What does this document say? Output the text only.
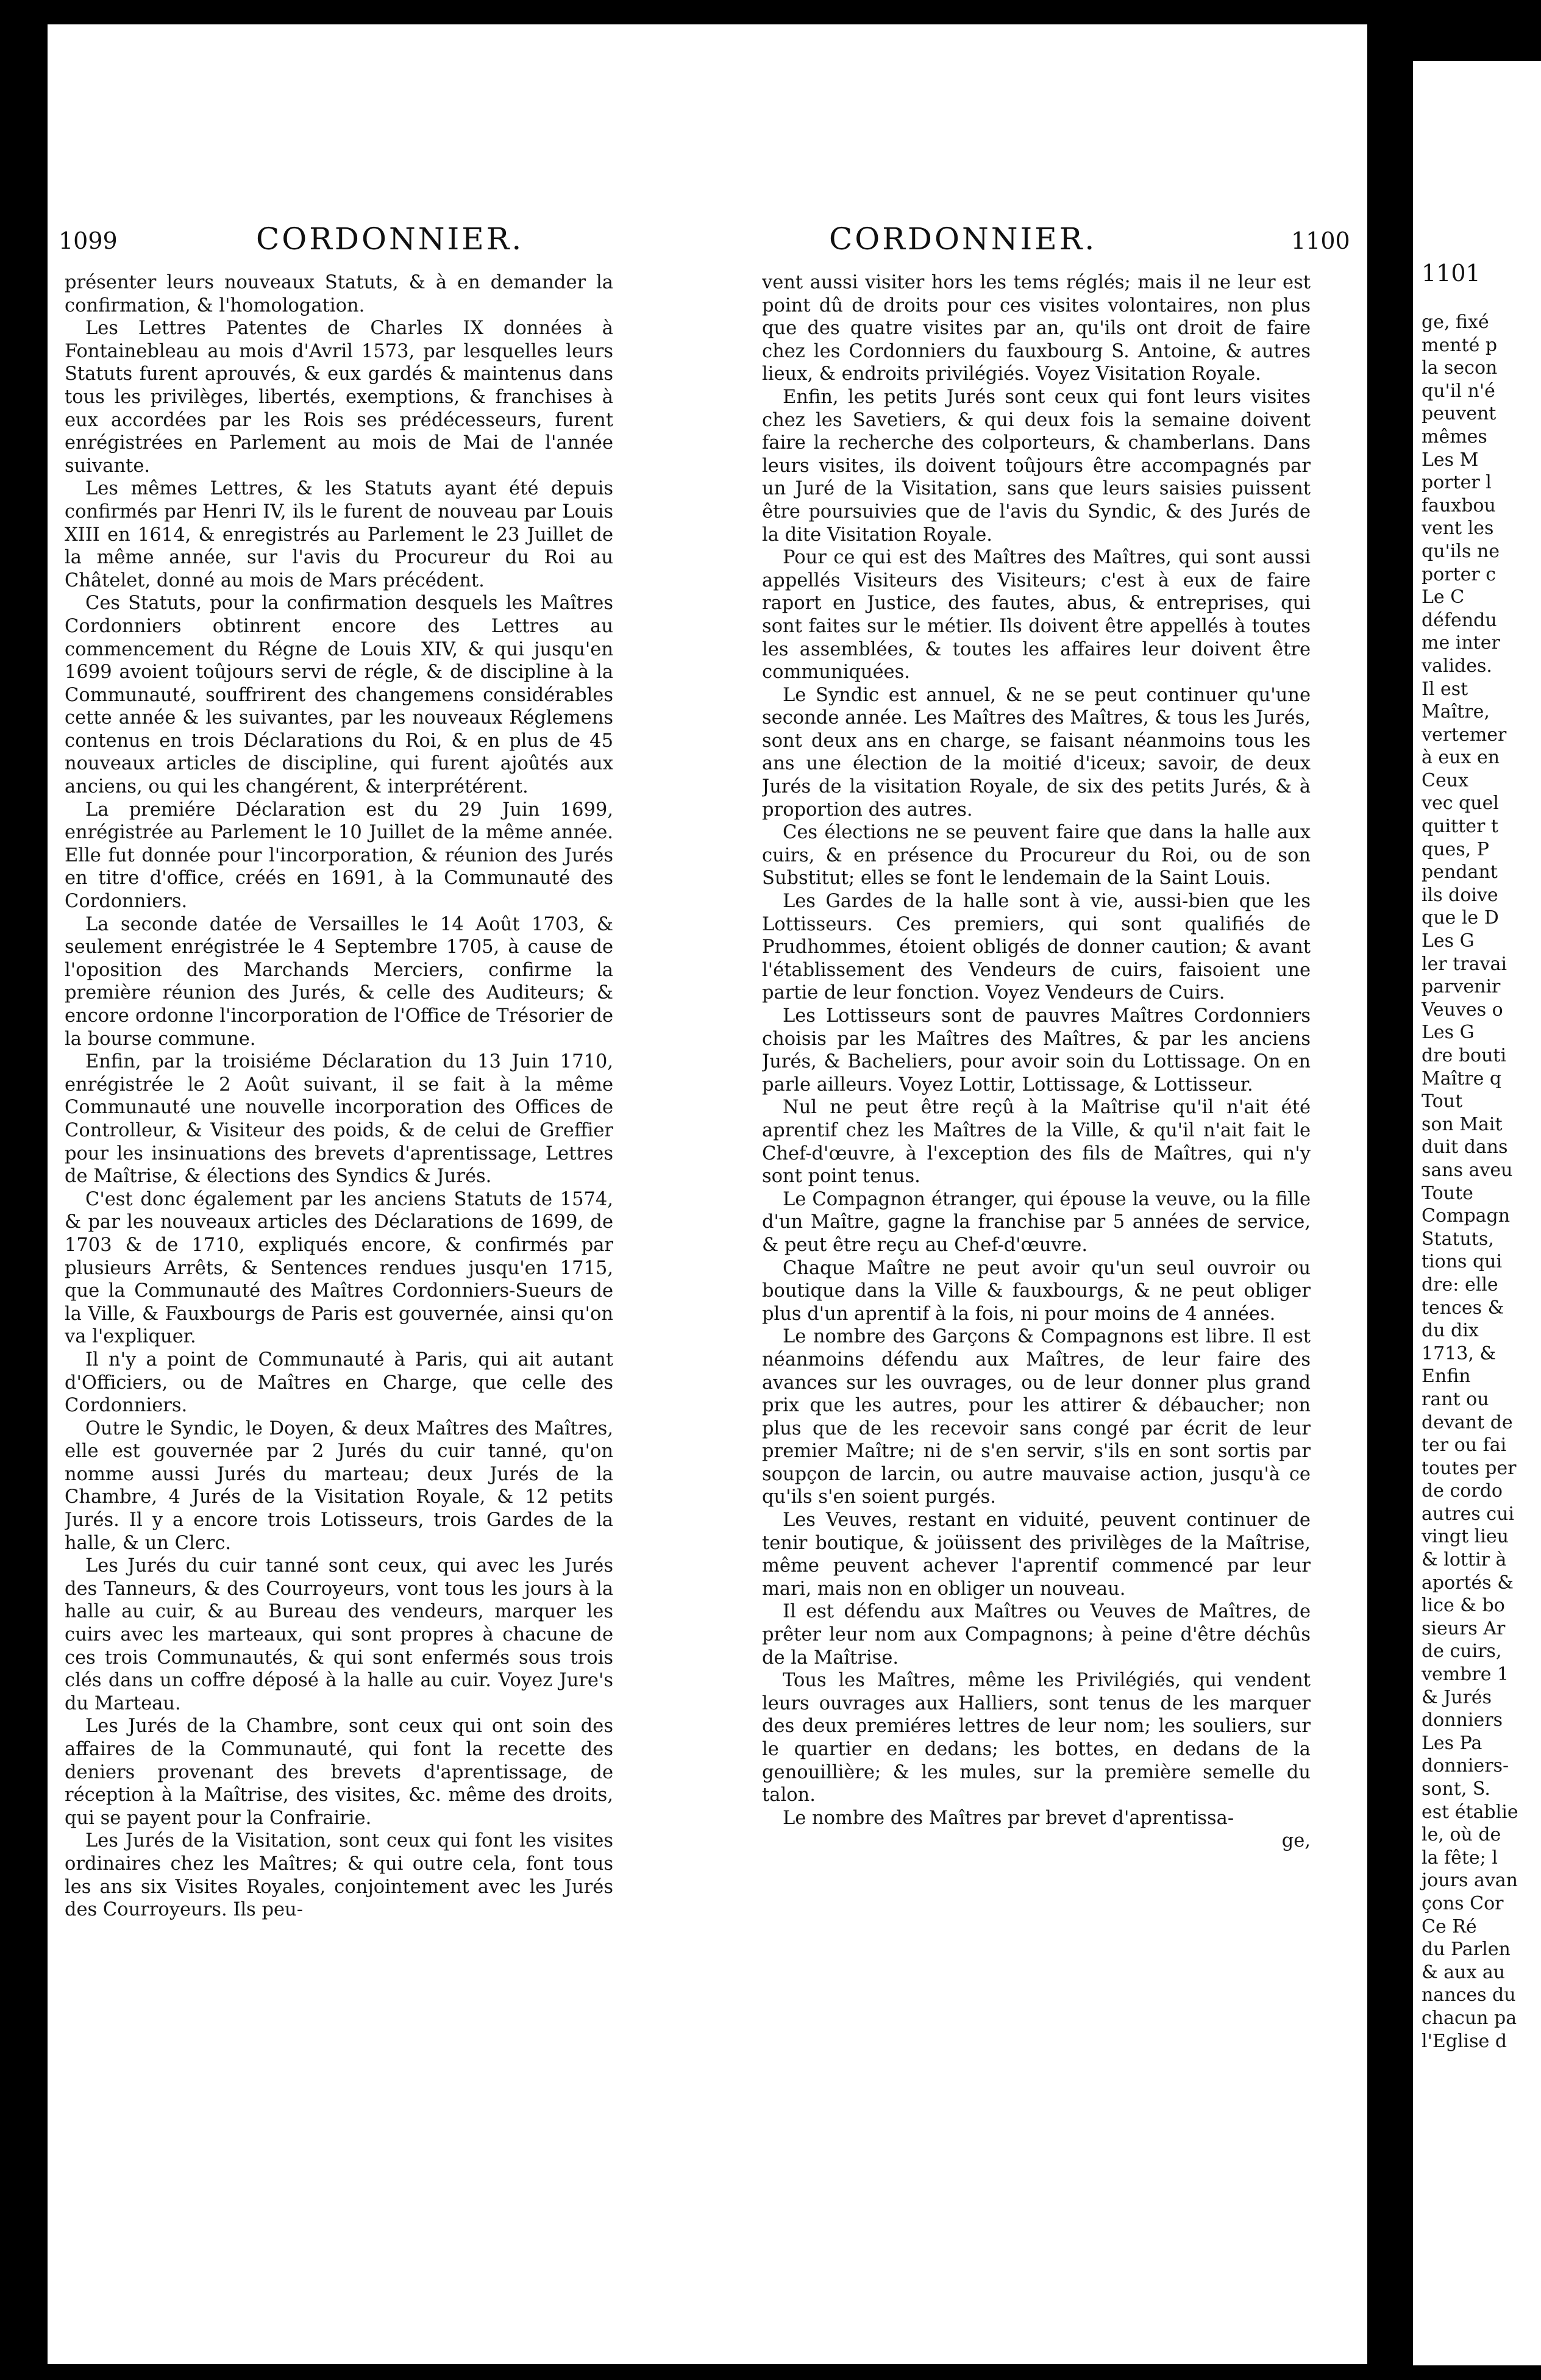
1099	CORDONNIER.	CORDONNIER.	1100

présenter leurs nouveaux Statuts, & à en demander la confirmation, & l'homologation.

Les Lettres Patentes de Charles IX données à Fontainebleau au mois d'Avril 1573, par lesquelles leurs Statuts furent aprouvés, & eux gardés & maintenus dans tous les privilèges, libertés, exemptions, & franchises à eux accordées par les Rois ses prédécesseurs, furent enrégistrées en Parlement au mois de Mai de l'année suivante.

Les mêmes Lettres, & les Statuts ayant été depuis confirmés par Henri IV, ils le furent de nouveau par Louis XIII en 1614, & enregistrés au Parlement le 23 Juillet de la même année, sur l'avis du Procureur du Roi au Châtelet, donné au mois de Mars précédent.

Ces Statuts, pour la confirmation desquels les Maîtres Cordonniers obtinrent encore des Lettres au commencement du Régne de Louis XIV, & qui jusqu'en 1699 avoient toûjours servi de régle, & de discipline à la Communauté, souffrirent des changemens considérables cette année & les suivantes, par les nouveaux Réglemens contenus en trois Déclarations du Roi, & en plus de 45 nouveaux articles de discipline, qui furent ajoûtés aux anciens, ou qui les changérent, & interprétérent.

La premiére Déclaration est du 29 Juin 1699, enrégistrée au Parlement le 10 Juillet de la même année. Elle fut donnée pour l'incorporation, & réunion des Jurés en titre d'office, créés en 1691, à la Communauté des Cordonniers.

La seconde datée de Versailles le 14 Août 1703, & seulement enrégistrée le 4 Septembre 1705, à cause de l'oposition des Marchands Merciers, confirme la première réunion des Jurés, & celle des Auditeurs; & encore ordonne l'incorporation de l'Office de Trésorier de la bourse commune.

Enfin, par la troisiéme Déclaration du 13 Juin 1710, enrégistrée le 2 Août suivant, il se fait à la même Communauté une nouvelle incorporation des Offices de Controlleur, & Visiteur des poids, & de celui de Greffier pour les insinuations des brevets d'aprentissage, Lettres de Maîtrise, & élections des Syndics & Jurés.

C'est donc également par les anciens Statuts de 1574, & par les nouveaux articles des Déclarations de 1699, de 1703 & de 1710, expliqués encore, & confirmés par plusieurs Arrêts, & Sentences rendues jusqu'en 1715, que la Communauté des Maîtres Cordonniers-Sueurs de la Ville, & Fauxbourgs de Paris est gouvernée, ainsi qu'on va l'expliquer.

Il n'y a point de Communauté à Paris, qui ait autant d'Officiers, ou de Maîtres en Charge, que celle des Cordonniers.

Outre le Syndic, le Doyen, & deux Maîtres des Maîtres, elle est gouvernée par 2 Jurés du cuir tanné, qu'on nomme aussi Jurés du marteau; deux Jurés de la Chambre, 4 Jurés de la Visitation Royale, & 12 petits Jurés. Il y a encore trois Lotisseurs, trois Gardes de la halle, & un Clerc.

Les Jurés du cuir tanné sont ceux, qui avec les Jurés des Tanneurs, & des Courroyeurs, vont tous les jours à la halle au cuir, & au Bureau des vendeurs, marquer les cuirs avec les marteaux, qui sont propres à chacune de ces trois Communautés, & qui sont enfermés sous trois clés dans un coffre déposé à la halle au cuir. Voyez Jure's du Marteau.

Les Jurés de la Chambre, sont ceux qui ont soin des affaires de la Communauté, qui font la recette des deniers provenant des brevets d'aprentissage, de réception à la Maîtrise, des visites, &c. même des droits, qui se payent pour la Confrairie.

Les Jurés de la Visitation, sont ceux qui font les visites ordinaires chez les Maîtres; & qui outre cela, font tous les ans six Visites Royales, conjointement avec les Jurés des Courroyeurs. Ils peu-

vent aussi visiter hors les tems réglés; mais il ne leur est point dû de droits pour ces visites volontaires, non plus que des quatre visites par an, qu'ils ont droit de faire chez les Cordonniers du fauxbourg S. Antoine, & autres lieux, & endroits privilégiés. Voyez Visitation Royale.

Enfin, les petits Jurés sont ceux qui font leurs visites chez les Savetiers, & qui deux fois la semaine doivent faire la recherche des colporteurs, & chamberlans. Dans leurs visites, ils doivent toûjours être accompagnés par un Juré de la Visitation, sans que leurs saisies puissent être poursuivies que de l'avis du Syndic, & des Jurés de la dite Visitation Royale.

Pour ce qui est des Maîtres des Maîtres, qui sont aussi appellés Visiteurs des Visiteurs; c'est à eux de faire raport en Justice, des fautes, abus, & entreprises, qui sont faites sur le métier. Ils doivent être appellés à toutes les assemblées, & toutes les affaires leur doivent être communiquées.

Le Syndic est annuel, & ne se peut continuer qu'une seconde année. Les Maîtres des Maîtres, & tous les Jurés, sont deux ans en charge, se faisant néanmoins tous les ans une élection de la moitié d'iceux; savoir, de deux Jurés de la visitation Royale, de six des petits Jurés, & à proportion des autres.

Ces élections ne se peuvent faire que dans la halle aux cuirs, & en présence du Procureur du Roi, ou de son Substitut; elles se font le lendemain de la Saint Louis.

Les Gardes de la halle sont à vie, aussi-bien que les Lottisseurs. Ces premiers, qui sont qualifiés de Prudhommes, étoient obligés de donner caution; & avant l'établissement des Vendeurs de cuirs, faisoient une partie de leur fonction. Voyez Vendeurs de Cuirs.

Les Lottisseurs sont de pauvres Maîtres Cordonniers choisis par les Maîtres des Maîtres, & par les anciens Jurés, & Bacheliers, pour avoir soin du Lottissage. On en parle ailleurs. Voyez Lottir, Lottissage, & Lottisseur.

Nul ne peut être reçû à la Maîtrise qu'il n'ait été aprentif chez les Maîtres de la Ville, & qu'il n'ait fait le Chef-d'œuvre, à l'exception des fils de Maîtres, qui n'y sont point tenus.

Le Compagnon étranger, qui épouse la veuve, ou la fille d'un Maître, gagne la franchise par 5 années de service, & peut être reçu au Chef-d'œuvre.

Chaque Maître ne peut avoir qu'un seul ouvroir ou boutique dans la Ville & fauxbourgs, & ne peut obliger plus d'un aprentif à la fois, ni pour moins de 4 années.

Le nombre des Garçons & Compagnons est libre. Il est néanmoins défendu aux Maîtres, de leur faire des avances sur les ouvrages, ou de leur donner plus grand prix que les autres, pour les attirer & débaucher; non plus que de les recevoir sans congé par écrit de leur premier Maître; ni de s'en servir, s'ils en sont sortis par soupçon de larcin, ou autre mauvaise action, jusqu'à ce qu'ils s'en soient purgés.

Les Veuves, restant en viduité, peuvent continuer de tenir boutique, & joüissent des privilèges de la Maîtrise, même peuvent achever l'aprentif commencé par leur mari, mais non en obliger un nouveau.

Il est défendu aux Maîtres ou Veuves de Maîtres, de prêter leur nom aux Compagnons; à peine d'être déchûs de la Maîtrise.

Tous les Maîtres, même les Privilégiés, qui vendent leurs ouvrages aux Halliers, sont tenus de les marquer des deux premiéres lettres de leur nom; les souliers, sur le quartier en dedans; les bottes, en dedans de la genouillière; & les mules, sur la première semelle du talon.

Le nombre des Maîtres par brevet d'aprentissa-

ge,

1101
ge, fixé
menté p
la secon
qu'il n'é
peuvent
mêmes
Les M
porter l
fauxbou
vent les
qu'ils ne
porter c
Le C
défendu
me inter
valides.
Il est
Maître,
vertemer
à eux en
Ceux
vec quel
quitter t
ques, P
pendant
ils doive
que le D
Les G
ler travai
parvenir
Veuves o
Les G
dre bouti
Maître q
Tout
son Mait
duit dans
sans aveu
Toute
Compagn
Statuts,
tions qui
dre: elle
tences &
du dix
1713, &
Enfin
rant ou
devant de
ter ou fai
toutes per
de cordo
autres cui
vingt lieu
& lottir à
aportés &
lice & bo
sieurs Ar
de cuirs,
vembre 1
& Jurés
donniers
Les Pa
donniers-
sont, S.
est établie
le, où de
la fête; l
jours avan
çons Cor
Ce Ré
du Parlen
& aux au
nances du
chacun pa
l'Eglise d
